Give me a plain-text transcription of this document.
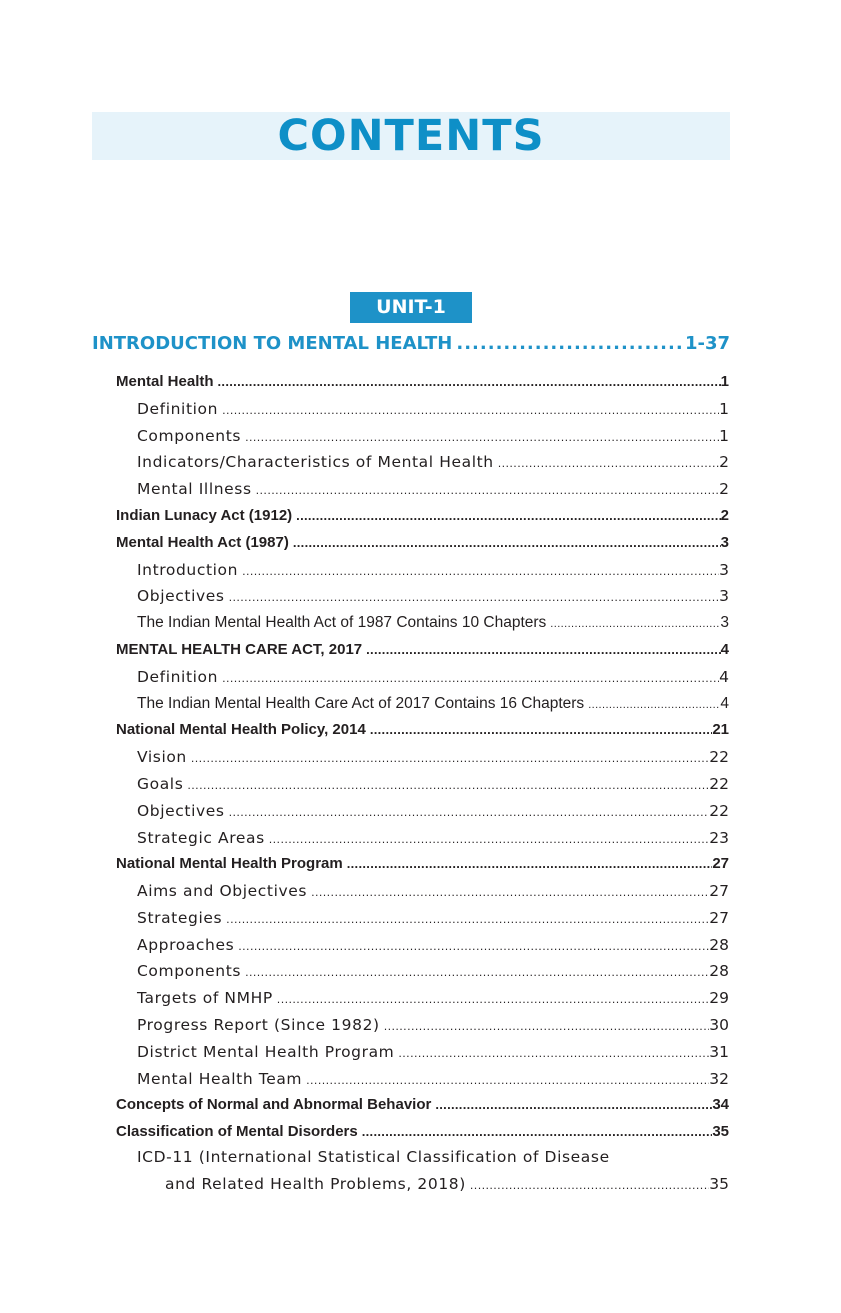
CONTENTS
UNIT-1
INTRODUCTION TO MENTAL HEALTH .....	1-37
Mental Health .....	1
Definition .....	1
Components .....	1
Indicators/Characteristics of Mental Health .....	2
Mental Illness .....	2
Indian Lunacy Act (1912) .....	2
Mental Health Act (1987) .....	3
Introduction .....	3
Objectives .....	3
The Indian Mental Health Act of 1987 Contains 10 Chapters .....	3
MENTAL HEALTH CARE ACT, 2017 .....	4
Definition .....	4
The Indian Mental Health Care Act of 2017 Contains 16 Chapters .....	4
National Mental Health Policy, 2014 .....	21
Vision .....	22
Goals .....	22
Objectives .....	22
Strategic Areas .....	23
National Mental Health Program .....	27
Aims and Objectives .....	27
Strategies .....	27
Approaches .....	28
Components .....	28
Targets of NMHP .....	29
Progress Report (Since 1982) .....	30
District Mental Health Program .....	31
Mental Health Team .....	32
Concepts of Normal and Abnormal Behavior .....	34
Classification of Mental Disorders .....	35
ICD-11 (International Statistical Classification of Disease
and Related Health Problems, 2018) .....	35
